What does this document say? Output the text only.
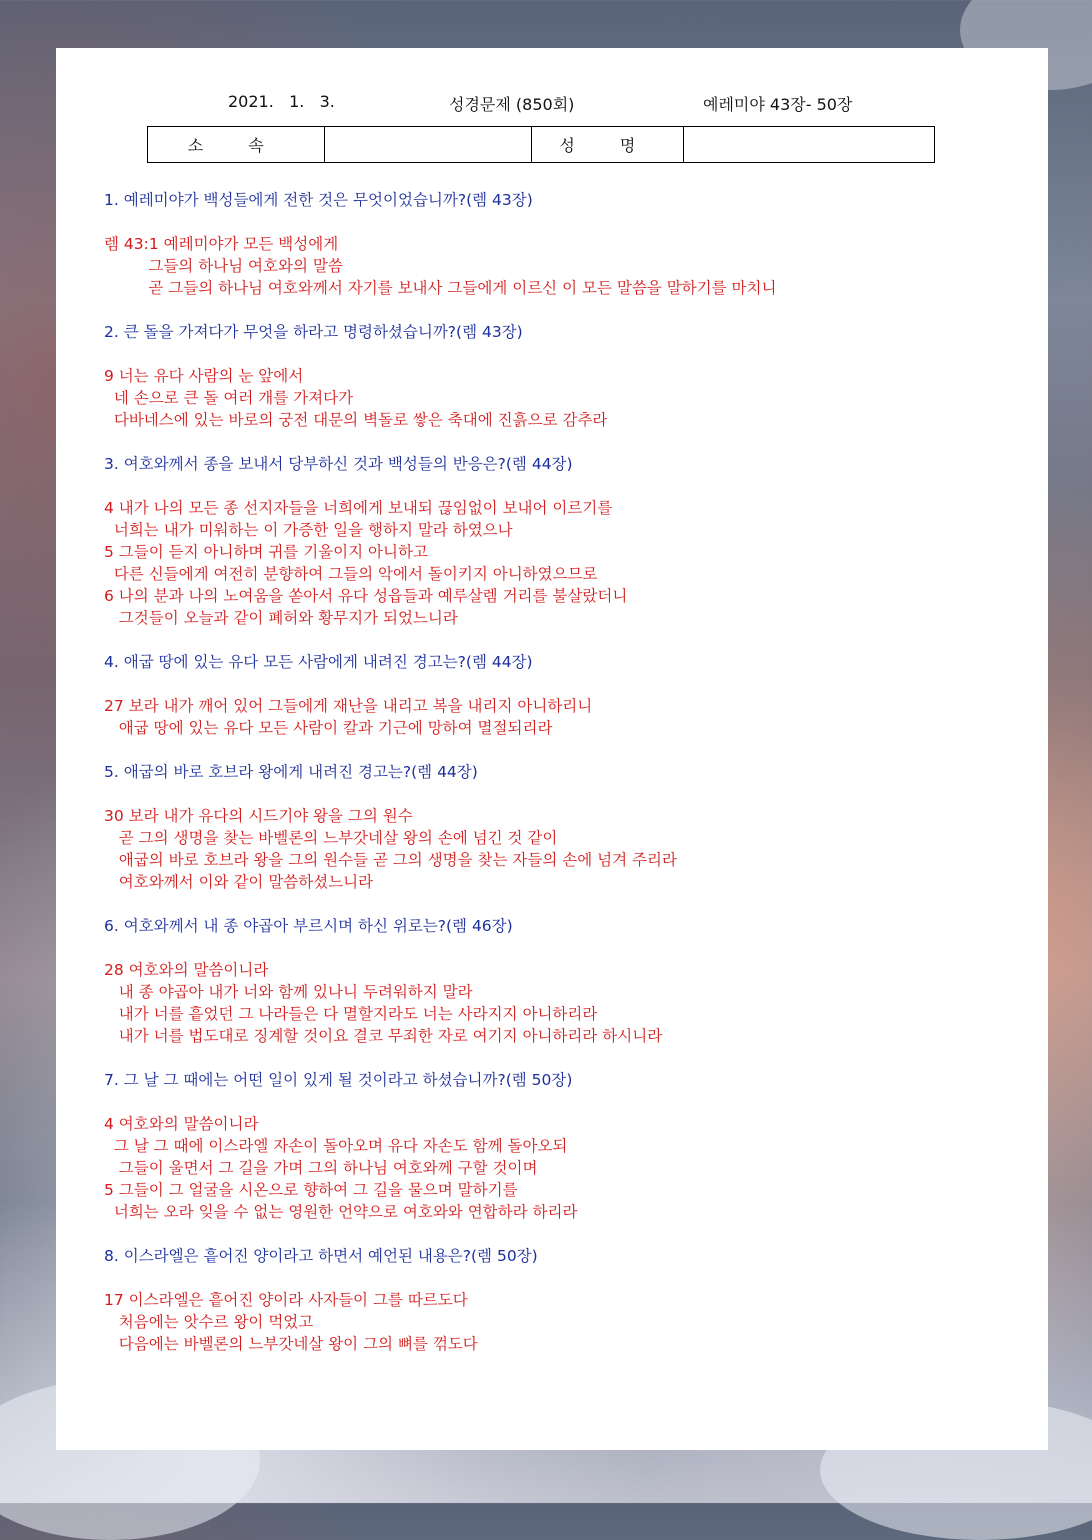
2021.   1.   3.

	성경문제 (850회)

	예레미야 43장- 50장

소 속	성 명
1. 예레미야가 백성들에게 전한 것은 무엇이었습니까?(렘 43장)
렘 43:1 예레미야가 모든 백성에게
그들의 하나님 여호와의 말씀
곧 그들의 하나님 여호와께서 자기를 보내사 그들에게 이르신 이 모든 말씀을 말하기를 마치니
2. 큰 돌을 가져다가 무엇을 하라고 명령하셨습니까?(렘 43장)
9 너는 유다 사람의 눈 앞에서
네 손으로 큰 돌 여러 개를 가져다가
다바네스에 있는 바로의 궁전 대문의 벽돌로 쌓은 축대에 진흙으로 감추라
3. 여호와께서 종을 보내서 당부하신 것과 백성들의 반응은?(렘 44장)
4 내가 나의 모든 종 선지자들을 너희에게 보내되 끊임없이 보내어 이르기를
너희는 내가 미워하는 이 가증한 일을 행하지 말라 하였으나
5 그들이 듣지 아니하며 귀를 기울이지 아니하고
다른 신들에게 여전히 분향하여 그들의 악에서 돌이키지 아니하였으므로
6 나의 분과 나의 노여움을 쏟아서 유다 성읍들과 예루살렘 거리를 불살랐더니
그것들이 오늘과 같이 폐허와 황무지가 되었느니라
4. 애굽 땅에 있는 유다 모든 사람에게 내려진 경고는?(렘 44장)
27 보라 내가 깨어 있어 그들에게 재난을 내리고 복을 내리지 아니하리니
애굽 땅에 있는 유다 모든 사람이 칼과 기근에 망하여 멸절되리라
5. 애굽의 바로 호브라 왕에게 내려진 경고는?(렘 44장)
30 보라 내가 유다의 시드기야 왕을 그의 원수
곧 그의 생명을 찾는 바벨론의 느부갓네살 왕의 손에 넘긴 것 같이
애굽의 바로 호브라 왕을 그의 원수들 곧 그의 생명을 찾는 자들의 손에 넘겨 주리라
여호와께서 이와 같이 말씀하셨느니라
6. 여호와께서 내 종 야곱아 부르시며 하신 위로는?(렘 46장)
28 여호와의 말씀이니라
내 종 야곱아 내가 너와 함께 있나니 두려워하지 말라
내가 너를 흩었던 그 나라들은 다 멸할지라도 너는 사라지지 아니하리라
내가 너를 법도대로 징계할 것이요 결코 무죄한 자로 여기지 아니하리라 하시니라
7. 그 날 그 때에는 어떤 일이 있게 될 것이라고 하셨습니까?(렘 50장)
4 여호와의 말씀이니라
그 날 그 때에 이스라엘 자손이 돌아오며 유다 자손도 함께 돌아오되
그들이 울면서 그 길을 가며 그의 하나님 여호와께 구할 것이며
5 그들이 그 얼굴을 시온으로 향하여 그 길을 물으며 말하기를
너희는 오라 잊을 수 없는 영원한 언약으로 여호와와 연합하라 하리라
8. 이스라엘은 흩어진 양이라고 하면서 예언된 내용은?(렘 50장)
17 이스라엘은 흩어진 양이라 사자들이 그를 따르도다
처음에는 앗수르 왕이 먹었고
다음에는 바벨론의 느부갓네살 왕이 그의 뼈를 꺾도다
